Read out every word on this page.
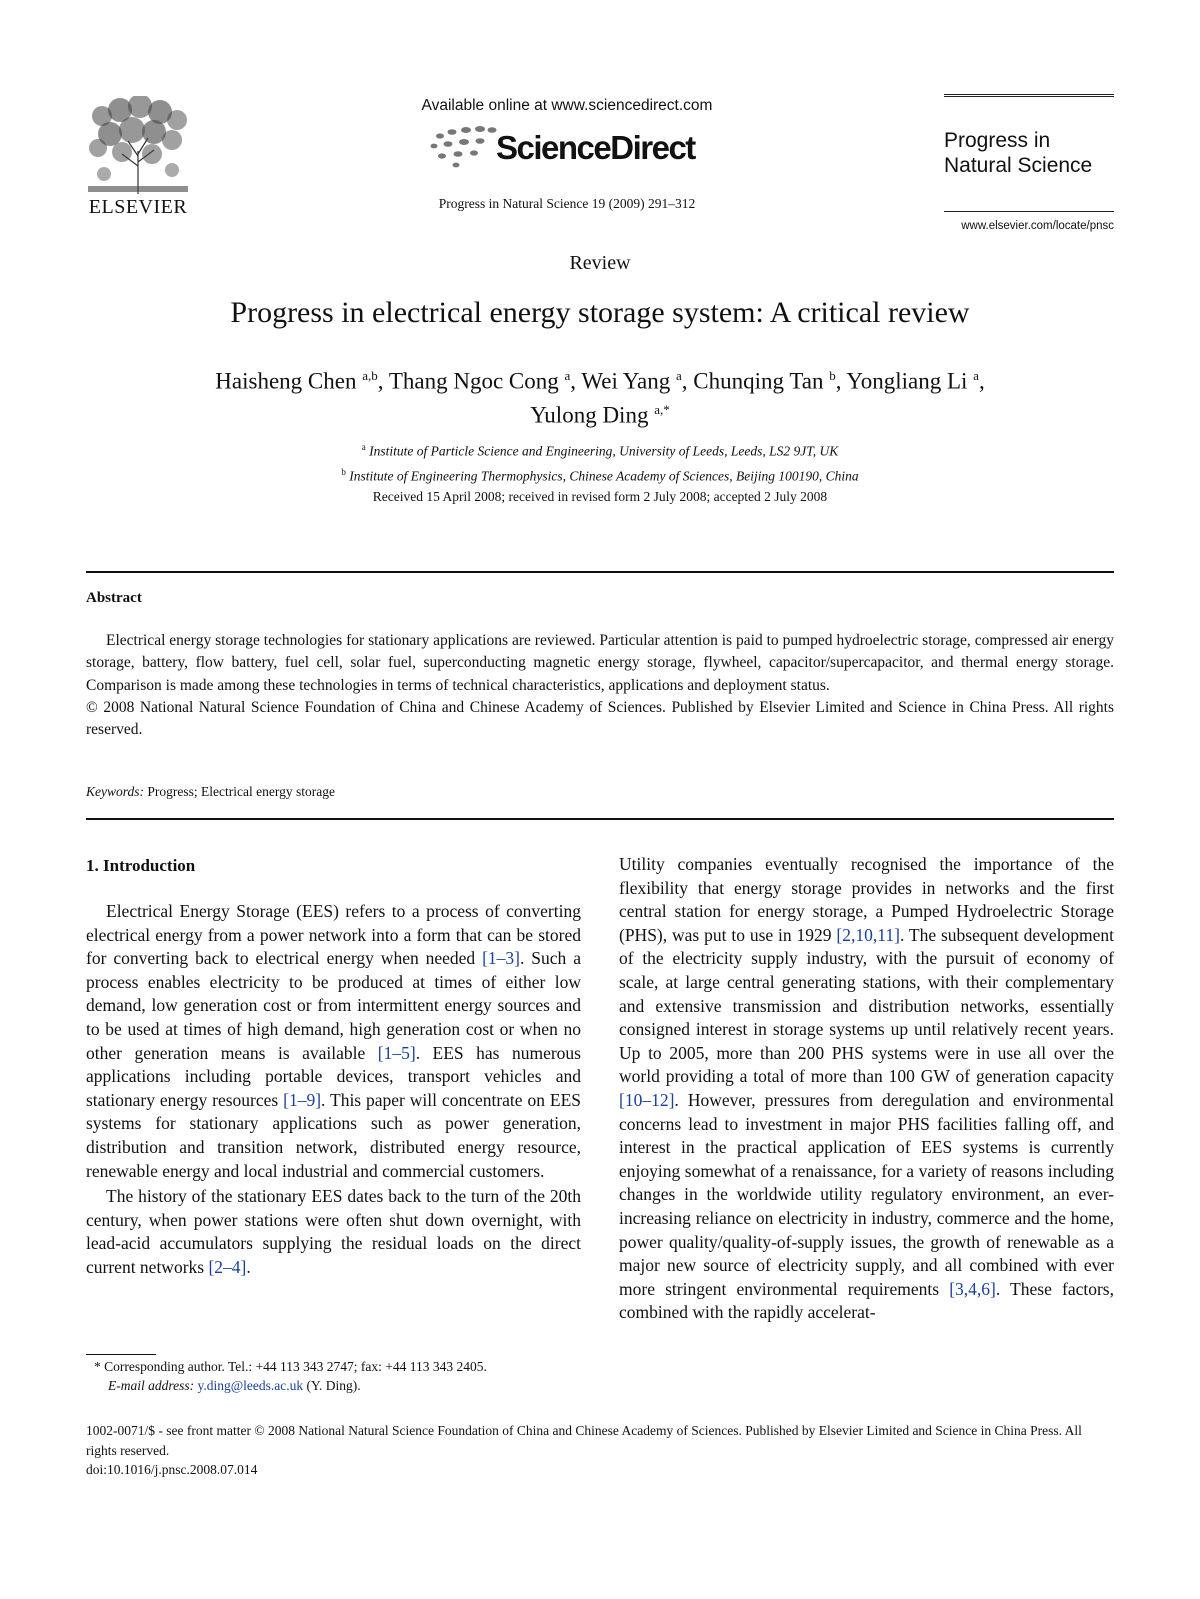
ELSEVIER
Available online at www.sciencedirect.com
ScienceDirect
Progress in Natural Science 19 (2009) 291–312
Progress in
Natural Science
www.elsevier.com/locate/pnsc
Review
Progress in electrical energy storage system: A critical review
Haisheng Chen $^{a,b}$, Thang Ngoc Cong $^a$, Wei Yang $^a$, Chunqing Tan $^b$, Yongliang Li $^a$,
Yulong Ding $^{a,*}$
$^a$ Institute of Particle Science and Engineering, University of Leeds, Leeds, LS2 9JT, UK
$^b$ Institute of Engineering Thermophysics, Chinese Academy of Sciences, Beijing 100190, China
Received 15 April 2008; received in revised form 2 July 2008; accepted 2 July 2008
Abstract

Electrical energy storage technologies for stationary applications are reviewed. Particular attention is paid to pumped hydroelectric storage, compressed air energy storage, battery, flow battery, fuel cell, solar fuel, superconducting magnetic energy storage, flywheel, capacitor/supercapacitor, and thermal energy storage. Comparison is made among these technologies in terms of technical characteristics, applications and deployment status.

© 2008 National Natural Science Foundation of China and Chinese Academy of Sciences. Published by Elsevier Limited and Science in China Press. All rights reserved.

Keywords: Progress; Electrical energy storage
1. Introduction

Electrical Energy Storage (EES) refers to a process of converting electrical energy from a power network into a form that can be stored for converting back to electrical energy when needed [1–3]. Such a process enables electricity to be produced at times of either low demand, low generation cost or from intermittent energy sources and to be used at times of high demand, high generation cost or when no other generation means is available [1–5]. EES has numerous applications including portable devices, transport vehicles and stationary energy resources [1–9]. This paper will concentrate on EES systems for stationary applications such as power generation, distribution and transition network, distributed energy resource, renewable energy and local industrial and commercial customers.

The history of the stationary EES dates back to the turn of the 20th century, when power stations were often shut down overnight, with lead-acid accumulators supplying the residual loads on the direct current networks [2–4].

Utility companies eventually recognised the importance of the flexibility that energy storage provides in networks and the first central station for energy storage, a Pumped Hydroelectric Storage (PHS), was put to use in 1929 [2,10,11]. The subsequent development of the electricity supply industry, with the pursuit of economy of scale, at large central generating stations, with their complementary and extensive transmission and distribution networks, essentially consigned interest in storage systems up until relatively recent years. Up to 2005, more than 200 PHS systems were in use all over the world providing a total of more than 100 GW of generation capacity [10–12]. However, pressures from deregulation and environmental concerns lead to investment in major PHS facilities falling off, and interest in the practical application of EES systems is currently enjoying somewhat of a renaissance, for a variety of reasons including changes in the worldwide utility regulatory environment, an ever-increasing reliance on electricity in industry, commerce and the home, power quality/quality-of-supply issues, the growth of renewable as a major new source of electricity supply, and all combined with ever more stringent environmental requirements [3,4,6]. These factors, combined with the rapidly accelerat-

* Corresponding author. Tel.: +44 113 343 2747; fax: +44 113 343 2405.
E-mail address: y.ding@leeds.ac.uk (Y. Ding).
1002-0071/$ - see front matter © 2008 National Natural Science Foundation of China and Chinese Academy of Sciences. Published by Elsevier Limited and Science in China Press. All rights reserved.
doi:10.1016/j.pnsc.2008.07.014
